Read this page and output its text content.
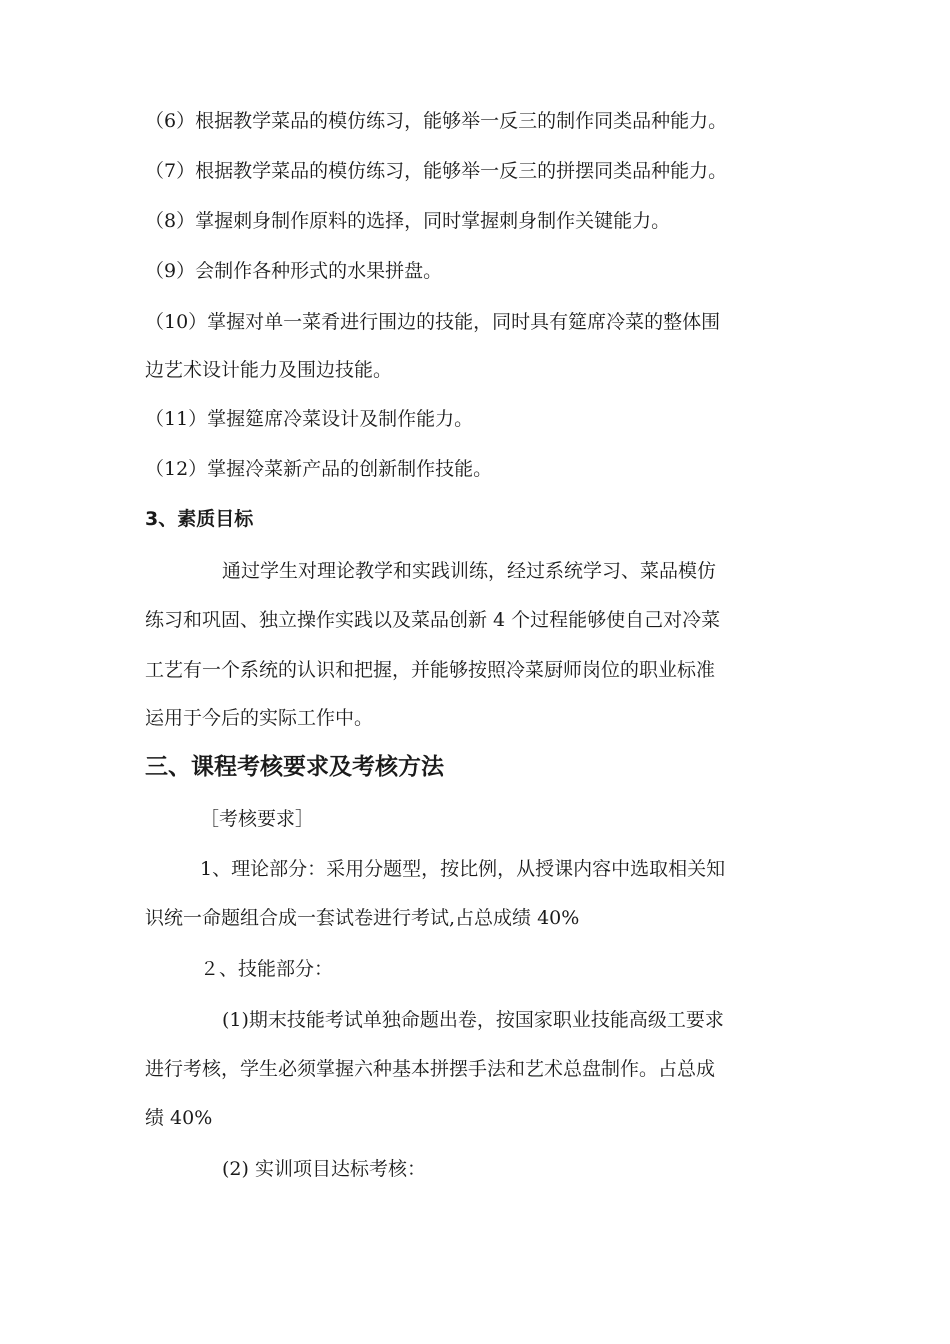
（6）根据教学菜品的模仿练习，能够举一反三的制作同类品种能力。
（7）根据教学菜品的模仿练习，能够举一反三的拼摆同类品种能力。
（8）掌握刺身制作原料的选择，同时掌握刺身制作关键能力。
（9）会制作各种形式的水果拼盘。
（10）掌握对单一菜肴进行围边的技能，同时具有筵席冷菜的整体围
边艺术设计能力及围边技能。
（11）掌握筵席冷菜设计及制作能力。
（12）掌握冷菜新产品的创新制作技能。
3、素质目标
通过学生对理论教学和实践训练，经过系统学习、菜品模仿
练习和巩固、独立操作实践以及菜品创新 4 个过程能够使自己对冷菜
工艺有一个系统的认识和把握，并能够按照冷菜厨师岗位的职业标准
运用于今后的实际工作中。
三、课程考核要求及考核方法
［考核要求］
1、理论部分：采用分题型，按比例，从授课内容中选取相关知
识统一命题组合成一套试卷进行考试,占总成绩 40%
２、技能部分：
(1)期末技能考试单独命题出卷，按国家职业技能高级工要求
进行考核，学生必须掌握六种基本拼摆手法和艺术总盘制作。占总成
绩 40%
(2) 实训项目达标考核：
